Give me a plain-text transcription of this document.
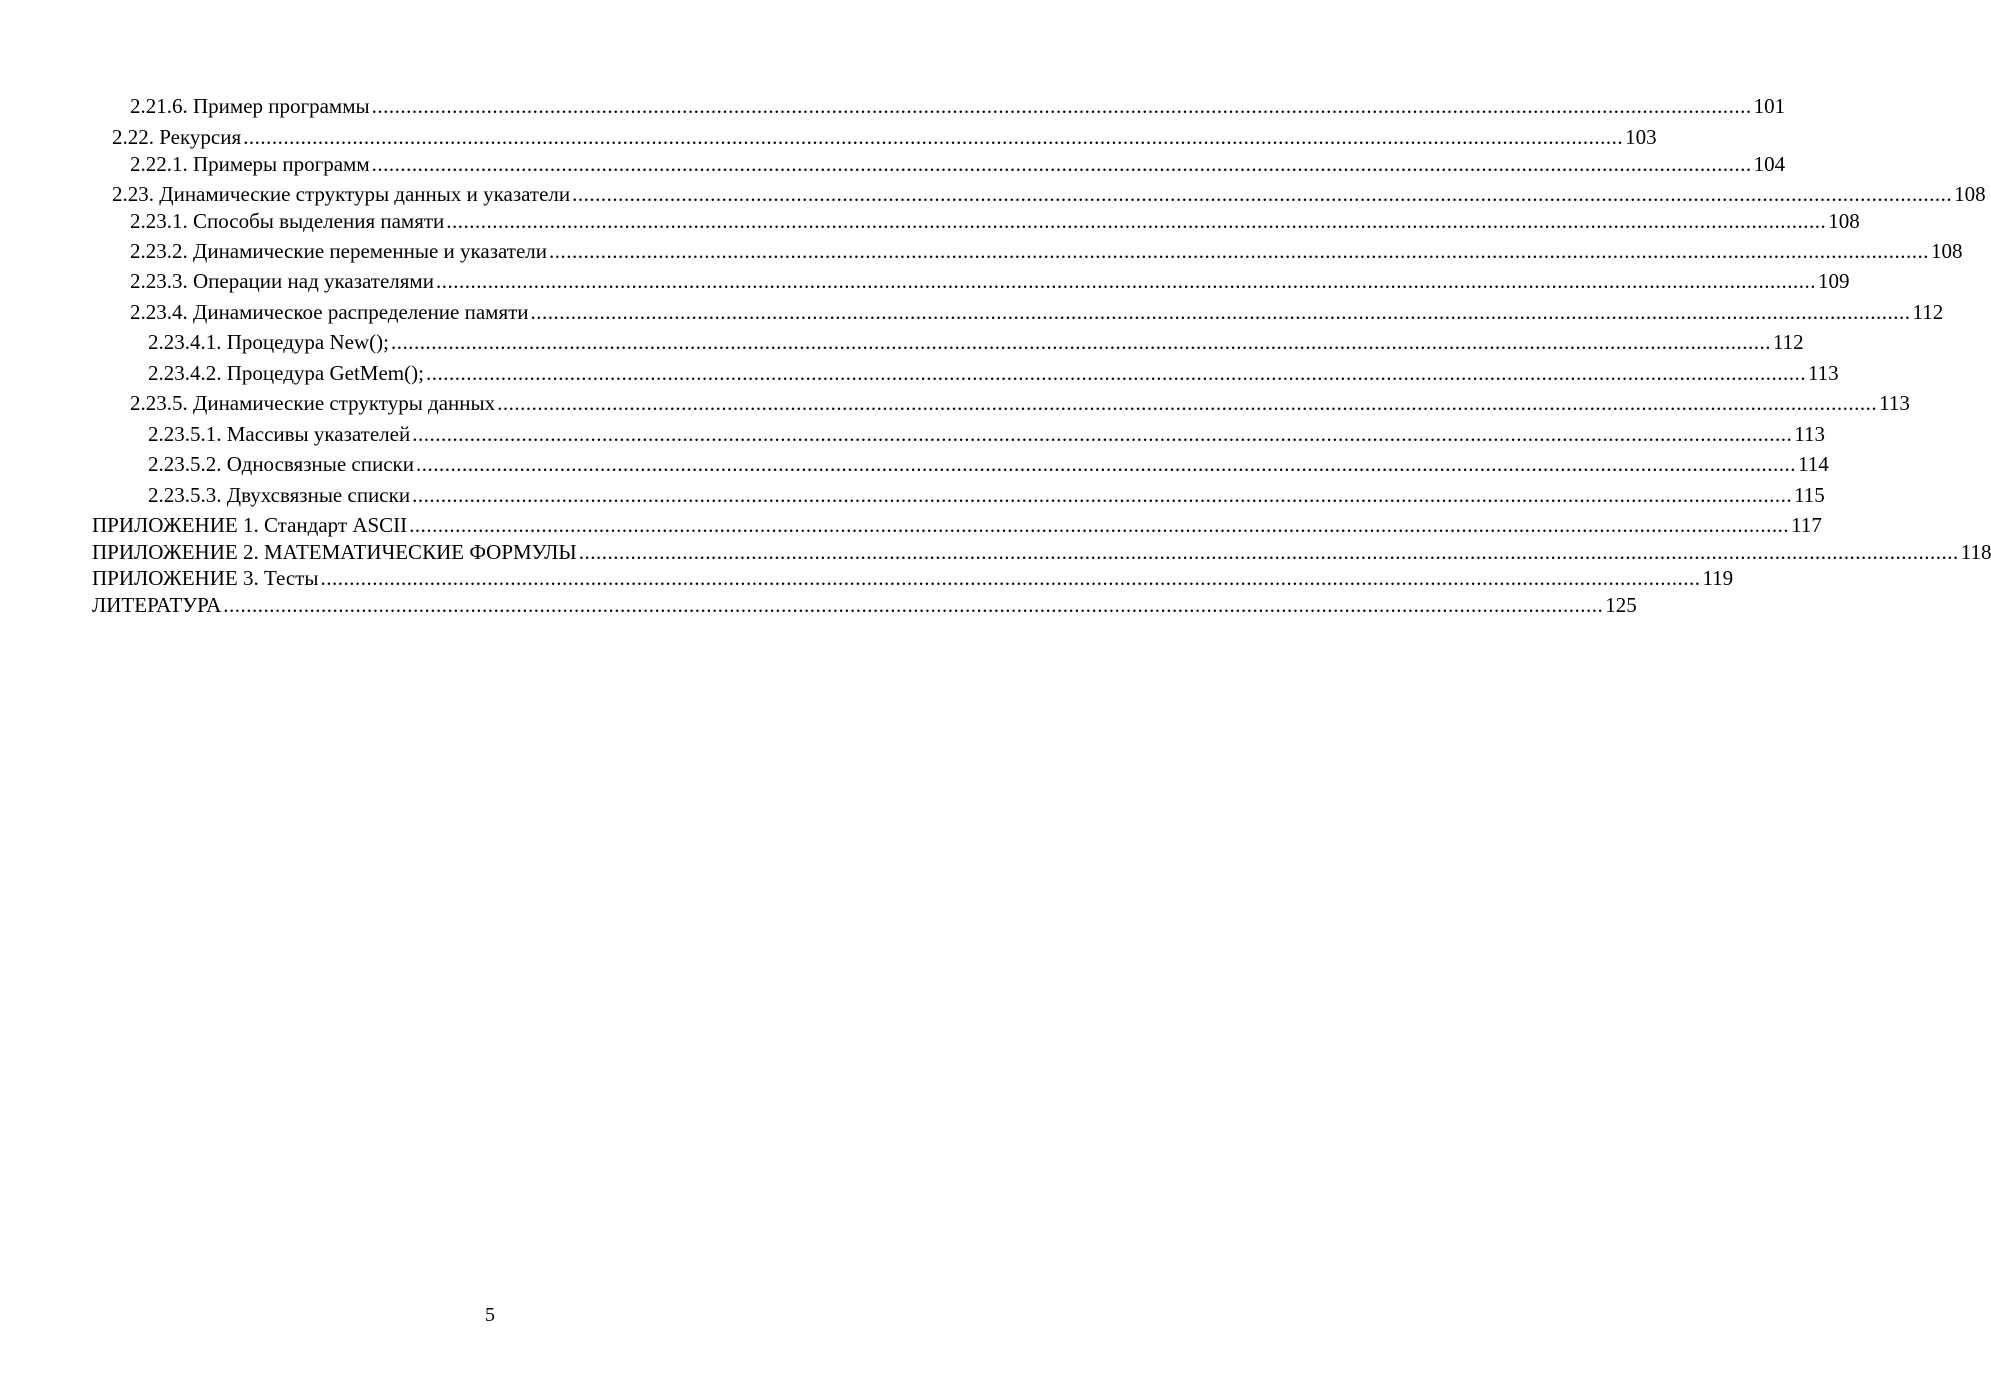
2.21.6. Пример программы ................................................................................................................................................................................................................................................ 101
2.22. Рекурсия ................................................................................................................................................................................................................................................ 103
2.22.1. Примеры программ ................................................................................................................................................................................................................................................ 104
2.23. Динамические структуры данных и указатели ................................................................................................................................................................................................................................................ 108
2.23.1. Способы выделения памяти ................................................................................................................................................................................................................................................ 108
2.23.2. Динамические переменные и указатели ................................................................................................................................................................................................................................................ 108
2.23.3. Операции над указателями ................................................................................................................................................................................................................................................ 109
2.23.4. Динамическое распределение памяти ................................................................................................................................................................................................................................................ 112
2.23.4.1. Процедура New(); ................................................................................................................................................................................................................................................ 112
2.23.4.2. Процедура GetMem(); ................................................................................................................................................................................................................................................ 113
2.23.5. Динамические структуры данных ................................................................................................................................................................................................................................................ 113
2.23.5.1. Массивы указателей ................................................................................................................................................................................................................................................ 113
2.23.5.2. Односвязные списки ................................................................................................................................................................................................................................................ 114
2.23.5.3. Двухсвязные списки ................................................................................................................................................................................................................................................ 115
ПРИЛОЖЕНИЕ 1. Стандарт ASCII ................................................................................................................................................................................................................................................ 117
ПРИЛОЖЕНИЕ 2. МАТЕМАТИЧЕСКИЕ ФОРМУЛЫ ................................................................................................................................................................................................................................................ 118
ПРИЛОЖЕНИЕ 3. Тесты ................................................................................................................................................................................................................................................ 119
ЛИТЕРАТУРА ................................................................................................................................................................................................................................................ 125
5
